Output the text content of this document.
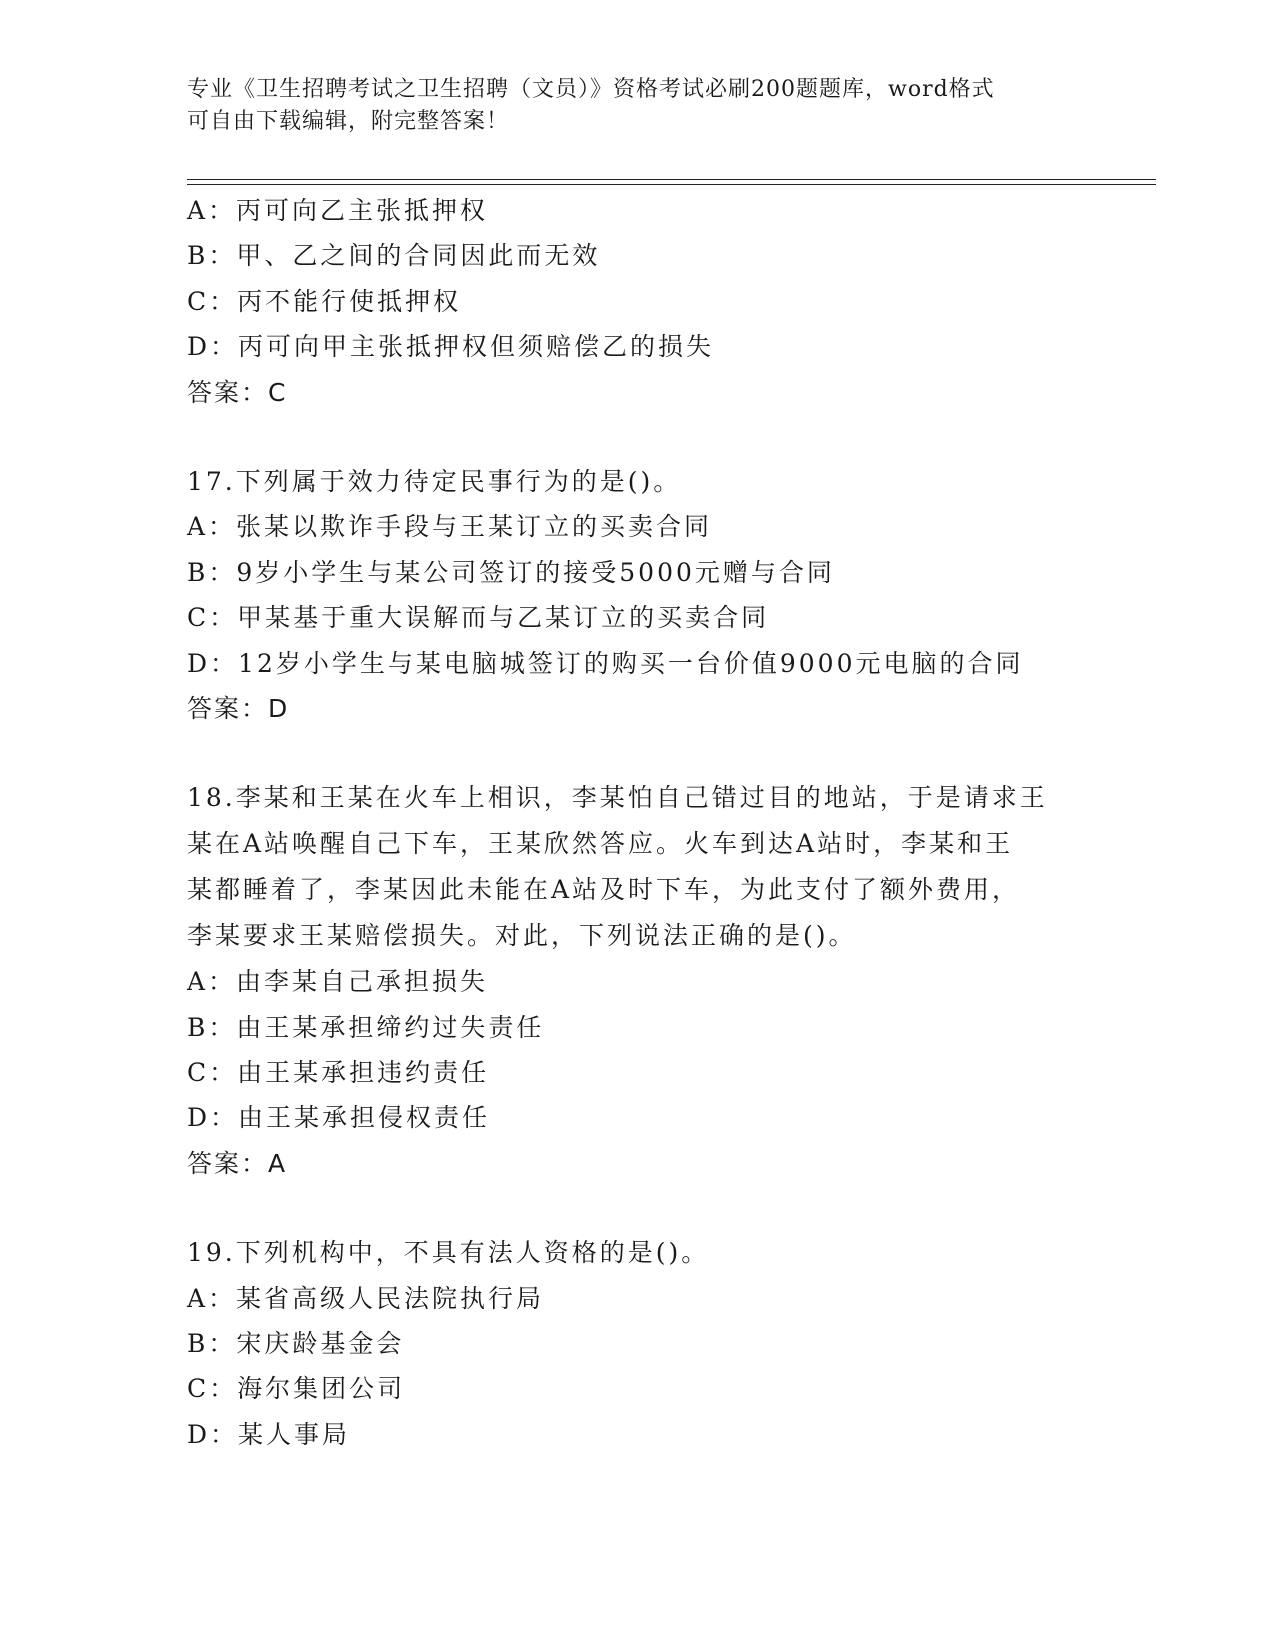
专业《卫生招聘考试之卫生招聘（文员）》资格考试必刷200题题库，word格式
可自由下载编辑，附完整答案！
A：丙可向乙主张抵押权
B：甲、乙之间的合同因此而无效
C：丙不能行使抵押权
D：丙可向甲主张抵押权但须赔偿乙的损失
答案：C
17.下列属于效力待定民事行为的是()。
A：张某以欺诈手段与王某订立的买卖合同
B：9岁小学生与某公司签订的接受5000元赠与合同
C：甲某基于重大误解而与乙某订立的买卖合同
D：12岁小学生与某电脑城签订的购买一台价值9000元电脑的合同
答案：D
18.李某和王某在火车上相识，李某怕自己错过目的地站，于是请求王
某在A站唤醒自己下车，王某欣然答应。火车到达A站时，李某和王
某都睡着了，李某因此未能在A站及时下车，为此支付了额外费用，
李某要求王某赔偿损失。对此，下列说法正确的是()。
A：由李某自己承担损失
B：由王某承担缔约过失责任
C：由王某承担违约责任
D：由王某承担侵权责任
答案：A
19.下列机构中，不具有法人资格的是()。
A：某省高级人民法院执行局
B：宋庆龄基金会
C：海尔集团公司
D：某人事局
